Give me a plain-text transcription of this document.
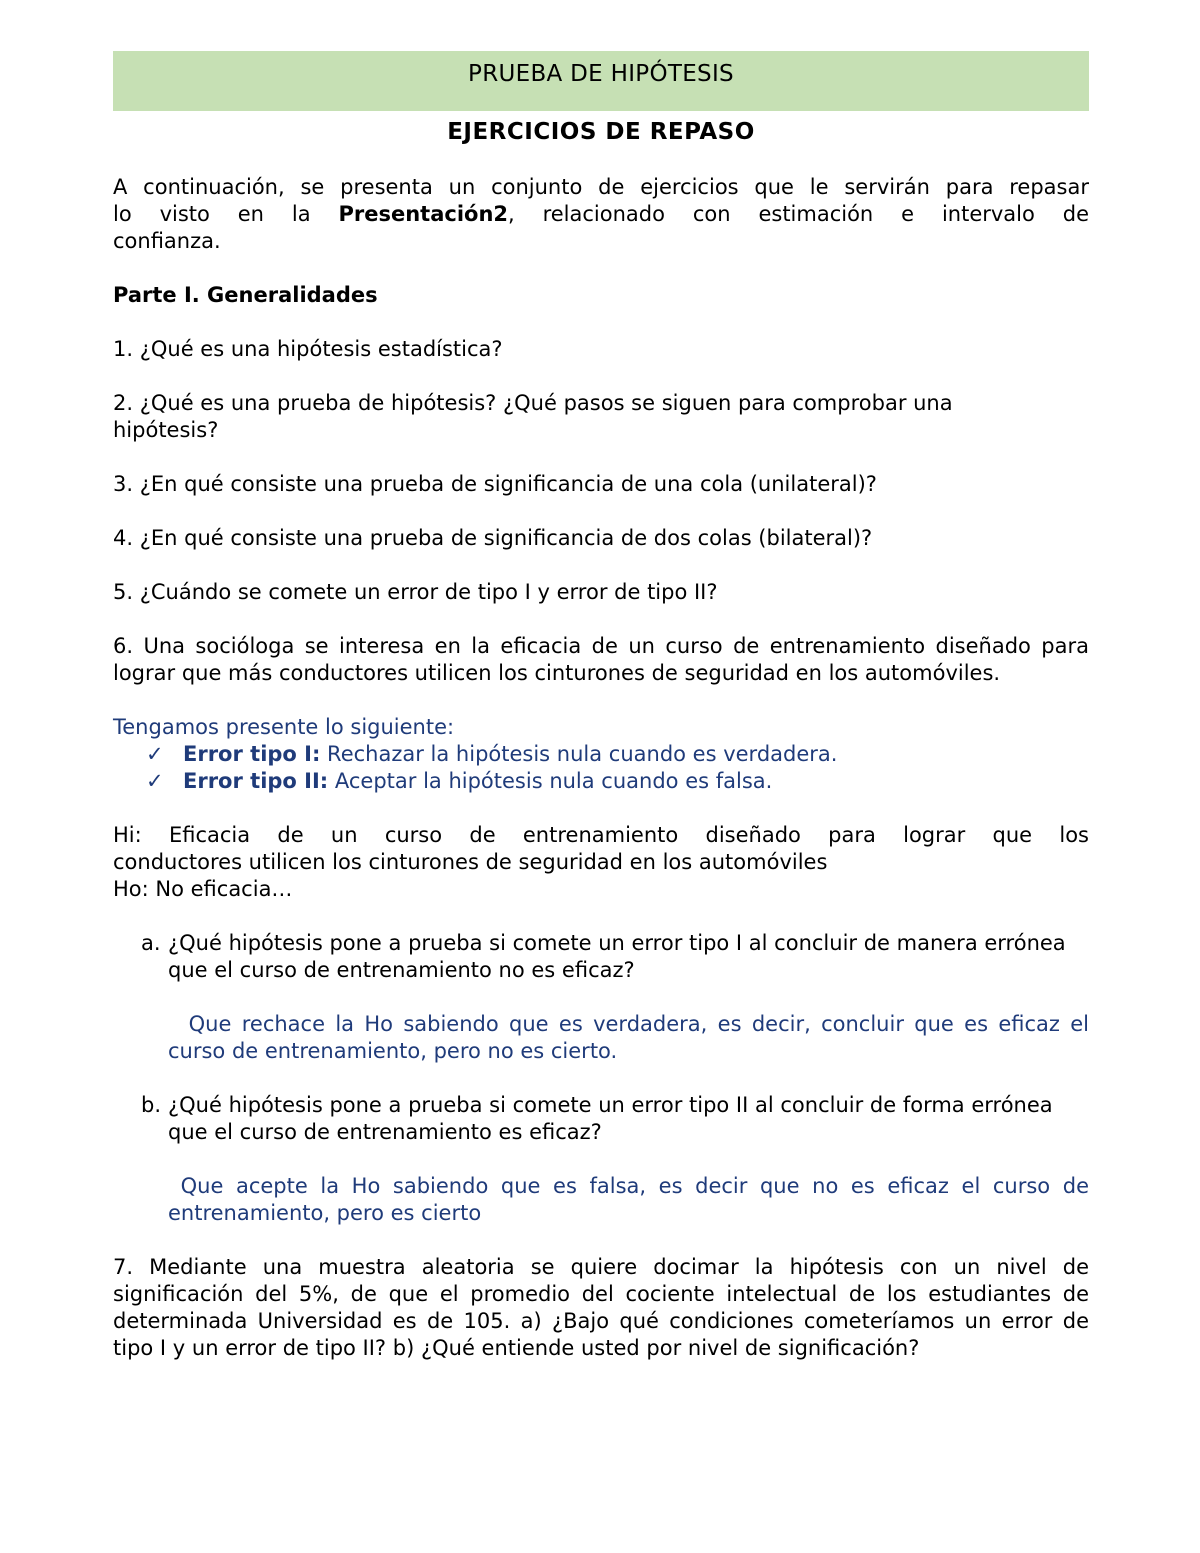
PRUEBA DE HIPÓTESIS
EJERCICIOS DE REPASO

A continuación, se presenta un conjunto de ejercicios que le servirán para repasar

lo visto en la Presentación2, relacionado con estimación e intervalo de

confianza.

Parte I. Generalidades

1. ¿Qué es una hipótesis estadística?

2. ¿Qué es una prueba de hipótesis? ¿Qué pasos se siguen para comprobar una hipótesis?

3. ¿En qué consiste una prueba de significancia de una cola (unilateral)?

4. ¿En qué consiste una prueba de significancia de dos colas (bilateral)?

5. ¿Cuándo se comete un error de tipo I y error de tipo II?

6. Una socióloga se interesa en la eficacia de un curso de entrenamiento diseñado para lograr que más conductores utilicen los cinturones de seguridad en los automóviles.

Tengamos presente lo siguiente:

✓ Error tipo I: Rechazar la hipótesis nula cuando es verdadera.
✓ Error tipo II: Aceptar la hipótesis nula cuando es falsa.

Hi: Eficacia de un curso de entrenamiento diseñado para lograr que los

conductores utilicen los cinturones de seguridad en los automóviles

Ho: No eficacia…

a. ¿Qué hipótesis pone a prueba si comete un error tipo I al concluir de manera errónea que el curso de entrenamiento no es eficaz?

Que rechace la Ho sabiendo que es verdadera, es decir, concluir que es eficaz el curso de entrenamiento, pero no es cierto.

b. ¿Qué hipótesis pone a prueba si comete un error tipo II al concluir de forma errónea que el curso de entrenamiento es eficaz?

Que acepte la Ho sabiendo que es falsa, es decir que no es eficaz el curso de entrenamiento, pero es cierto

7. Mediante una muestra aleatoria se quiere docimar la hipótesis con un nivel de significación del 5%, de que el promedio del cociente intelectual de los estudiantes de determinada Universidad es de 105. a) ¿Bajo qué condiciones cometeríamos un error de tipo I y un error de tipo II? b) ¿Qué entiende usted por nivel de significación?
